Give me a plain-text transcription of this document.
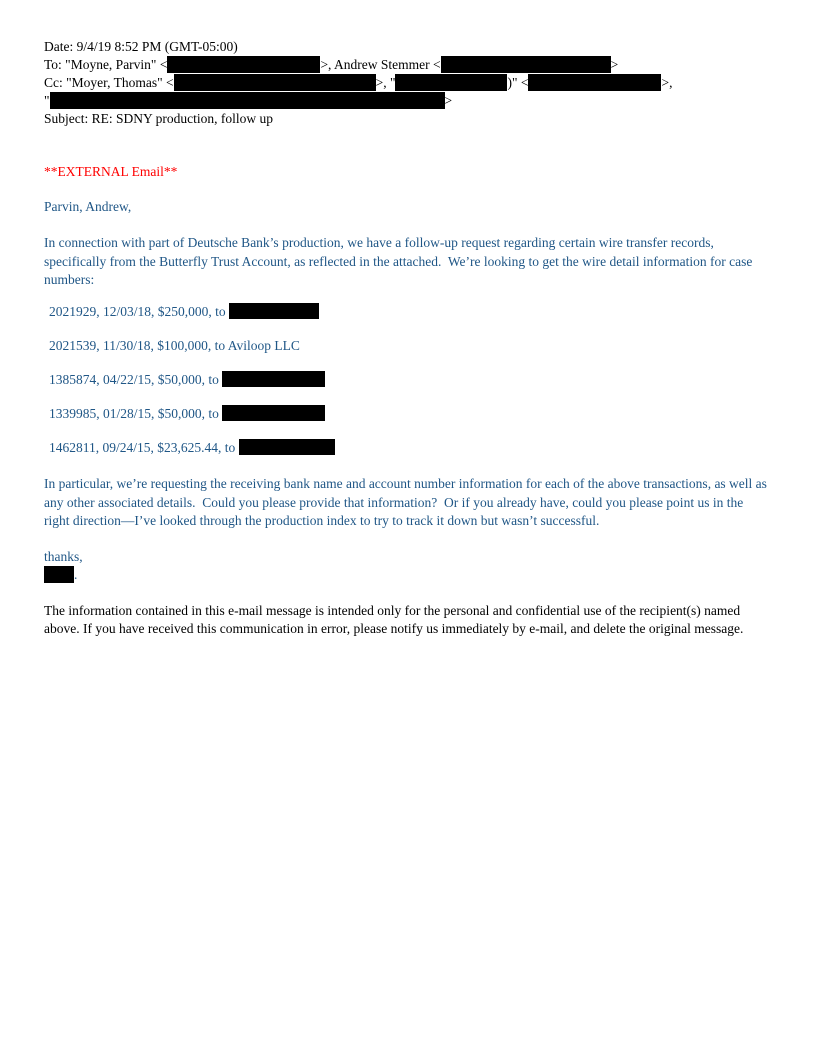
Date: 9/4/19 8:52 PM (GMT-05:00)
To: "Moyne, Parvin" <	>, Andrew Stemmer <	>
Cc: "Moyer, Thomas" <	>, "	)" <	>,
"	>
Subject: RE: SDNY production, follow up
**EXTERNAL Email**
Parvin, Andrew,
In connection with part of Deutsche Bank’s production, we have a follow-up request regarding certain wire transfer records, specifically from the Butterfly Trust Account, as reflected in the attached.  We’re looking to get the wire detail information for case numbers:
2021929, 12/03/18, $250,000, to
2021539, 11/30/18, $100,000, to Aviloop LLC
1385874, 04/22/15, $50,000, to
1339985, 01/28/15, $50,000, to
1462811, 09/24/15, $23,625.44, to
In particular, we’re requesting the receiving bank name and account number information for each of the above transactions, as well as any other associated details.  Could you please provide that information?  Or if you already have, could you please point us in the right direction—I’ve looked through the production index to try to track it down but wasn’t successful.
thanks,
.
The information contained in this e-mail message is intended only for the personal and confidential use of the recipient(s) named above. If you have received this communication in error, please notify us immediately by e-mail, and delete the original message.
